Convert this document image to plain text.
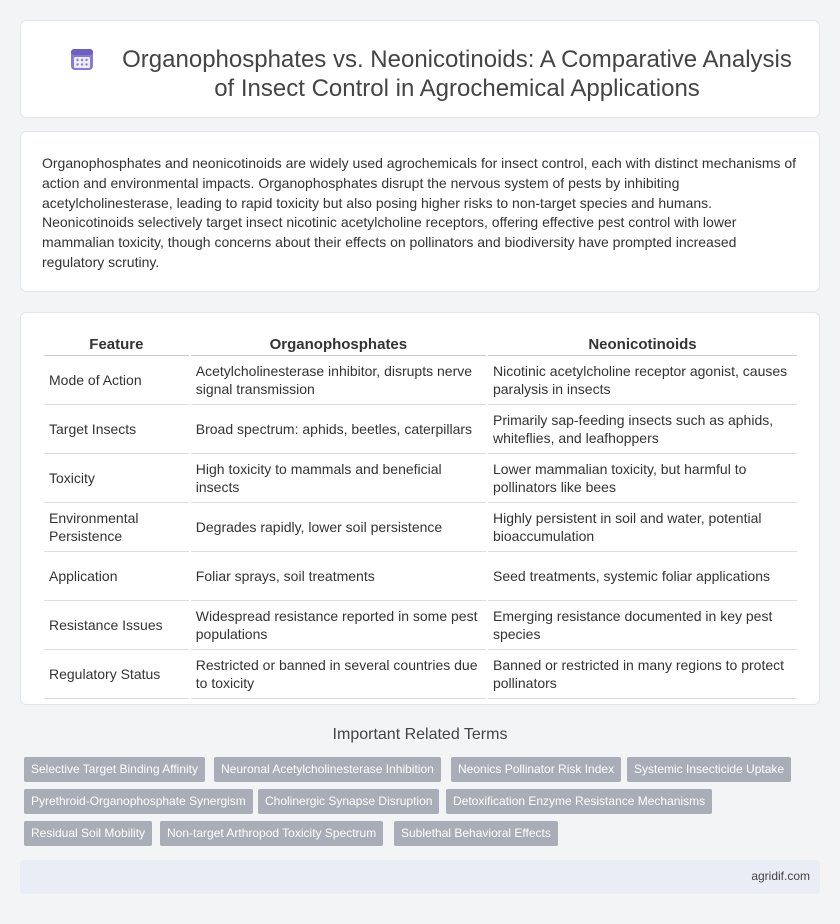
Organophosphates vs. Neonicotinoids: A Comparative Analysis of Insect Control in Agrochemical Applications

Organophosphates and neonicotinoids are widely used agrochemicals for insect control, each with distinct mechanisms of action and environmental impacts. Organophosphates disrupt the nervous system of pests by inhibiting acetylcholinesterase, leading to rapid toxicity but also posing higher risks to non-target species and humans. Neonicotinoids selectively target insect nicotinic acetylcholine receptors, offering effective pest control with lower mammalian toxicity, though concerns about their effects on pollinators and biodiversity have prompted increased regulatory scrutiny.

Feature	Organophosphates	Neonicotinoids
Mode of Action	Acetylcholinesterase inhibitor, disrupts nerve signal transmission	Nicotinic acetylcholine receptor agonist, causes paralysis in insects
Target Insects	Broad spectrum: aphids, beetles, caterpillars	Primarily sap-feeding insects such as aphids, whiteflies, and leafhoppers
Toxicity	High toxicity to mammals and beneficial insects	Lower mammalian toxicity, but harmful to pollinators like bees
Environmental Persistence	Degrades rapidly, lower soil persistence	Highly persistent in soil and water, potential bioaccumulation
Application	Foliar sprays, soil treatments	Seed treatments, systemic foliar applications
Resistance Issues	Widespread resistance reported in some pest populations	Emerging resistance documented in key pest species
Regulatory Status	Restricted or banned in several countries due to toxicity	Banned or restricted in many regions to protect pollinators
Important Related Terms
Selective Target Binding Affinity	Neuronal Acetylcholinesterase Inhibition	Neonics Pollinator Risk Index	Systemic Insecticide Uptake
Pyrethroid-Organophosphate Synergism	Cholinergic Synapse Disruption	Detoxification Enzyme Resistance Mechanisms
Residual Soil Mobility	Non-target Arthropod Toxicity Spectrum	Sublethal Behavioral Effects
agridif.com
